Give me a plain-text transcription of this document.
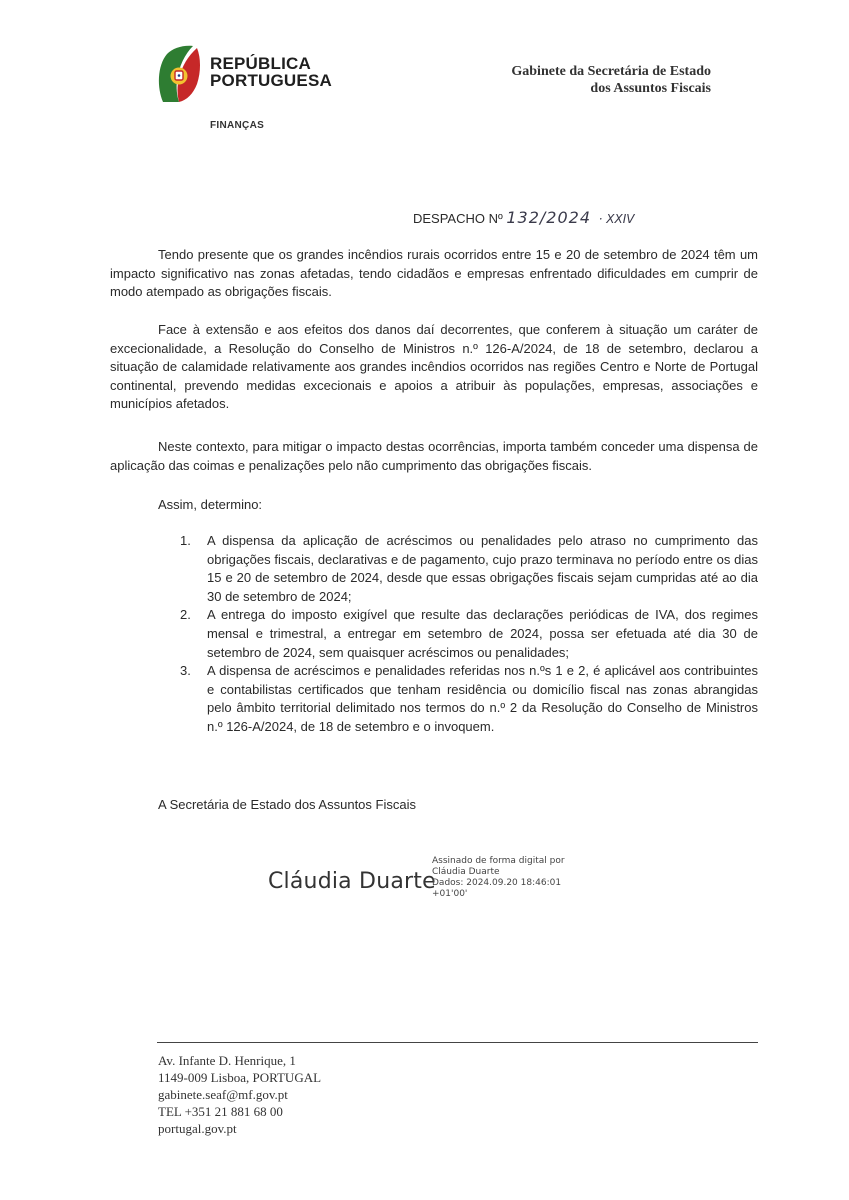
REPÚBLICA
PORTUGUESA
FINANÇAS
Gabinete da Secretária de Estado
dos Assuntos Fiscais
DESPACHO Nº 132/2024 · XXIV

Tendo presente que os grandes incêndios rurais ocorridos entre 15 e 20 de setembro de 2024 têm um impacto significativo nas zonas afetadas, tendo cidadãos e empresas enfrentado dificuldades em cumprir de modo atempado as obrigações fiscais.

Face à extensão e aos efeitos dos danos daí decorrentes, que conferem à situação um caráter de excecionalidade, a Resolução do Conselho de Ministros n.º 126-A/2024, de 18 de setembro, declarou a situação de calamidade relativamente aos grandes incêndios ocorridos nas regiões Centro e Norte de Portugal continental, prevendo medidas excecionais e apoios a atribuir às populações, empresas, associações e municípios afetados.

Neste contexto, para mitigar o impacto destas ocorrências, importa também conceder uma dispensa de aplicação das coimas e penalizações pelo não cumprimento das obrigações fiscais.

Assim, determino:
1. A dispensa da aplicação de acréscimos ou penalidades pelo atraso no cumprimento das obrigações fiscais, declarativas e de pagamento, cujo prazo terminava no período entre os dias 15 e 20 de setembro de 2024, desde que essas obrigações fiscais sejam cumpridas até ao dia 30 de setembro de 2024;
2. A entrega do imposto exigível que resulte das declarações periódicas de IVA, dos regimes mensal e trimestral, a entregar em setembro de 2024, possa ser efetuada até dia 30 de setembro de 2024, sem quaisquer acréscimos ou penalidades;
3. A dispensa de acréscimos e penalidades referidas nos n.ºs 1 e 2, é aplicável aos contribuintes e contabilistas certificados que tenham residência ou domicílio fiscal nas zonas abrangidas pelo âmbito territorial delimitado nos termos do n.º 2 da Resolução do Conselho de Ministros n.º 126-A/2024, de 18 de setembro e o invoquem.
A Secretária de Estado dos Assuntos Fiscais
Cláudia Duarte
Assinado de forma digital por
Cláudia Duarte
Dados: 2024.09.20 18:46:01
+01'00'
Av. Infante D. Henrique, 1
1149-009 Lisboa, PORTUGAL
gabinete.seaf@mf.gov.pt
TEL +351 21 881 68 00
portugal.gov.pt
